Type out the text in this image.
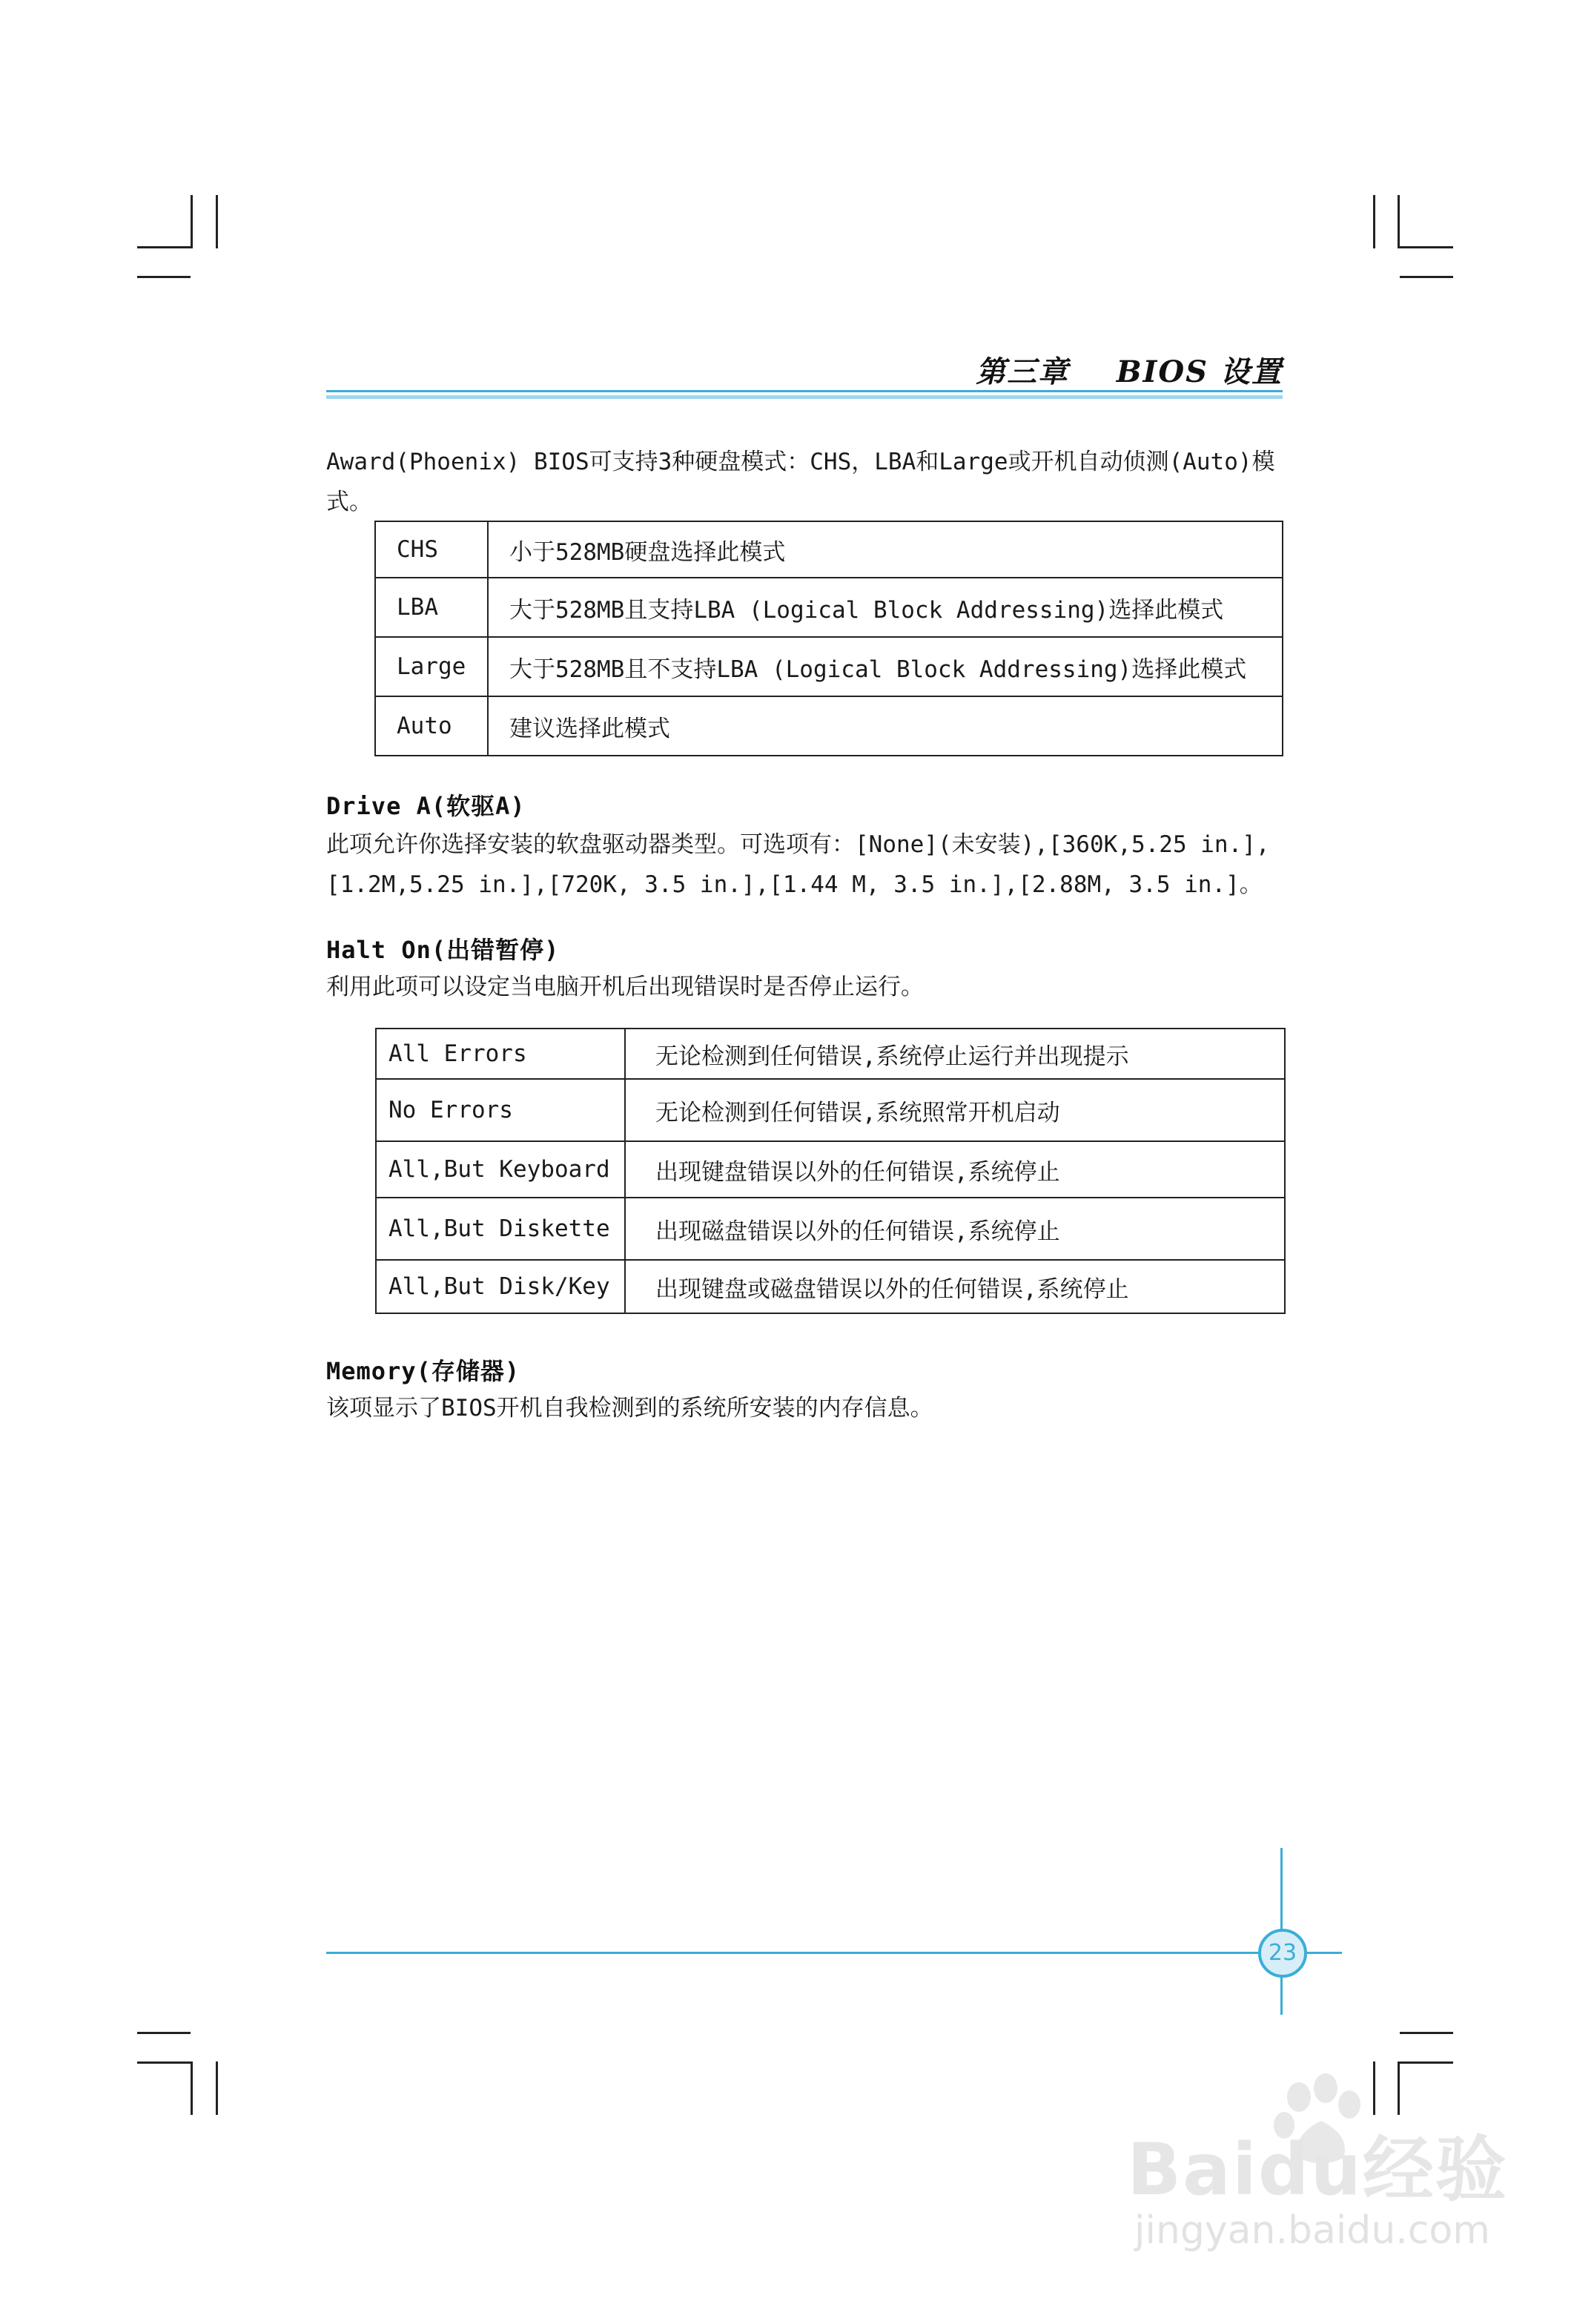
第三章    BIOS 设置
Award(Phoenix) BIOS可支持3种硬盘模式：CHS，LBA和Large或开机自动侦测(Auto)模式。
CHS	小于528MB硬盘选择此模式
LBA	大于528MB且支持LBA (Logical Block Addressing)选择此模式
Large	大于528MB且不支持LBA (Logical Block Addressing)选择此模式
Auto	建议选择此模式
Drive A(软驱A)
此项允许你选择安装的软盘驱动器类型。可选项有：[None](未安装),[360K,5.25 in.],
[1.2M,5.25 in.],[720K, 3.5 in.],[1.44 M, 3.5 in.],[2.88M, 3.5 in.]。
Halt On(出错暂停)
利用此项可以设定当电脑开机后出现错误时是否停止运行。
All Errors	无论检测到任何错误,系统停止运行并出现提示
No Errors	无论检测到任何错误,系统照常开机启动
All,But Keyboard	出现键盘错误以外的任何错误,系统停止
All,But Diskette	出现磁盘错误以外的任何错误,系统停止
All,But Disk/Key	出现键盘或磁盘错误以外的任何错误,系统停止
Memory(存储器)
该项显示了BIOS开机自我检测到的系统所安装的内存信息。
23
Baidu经验
jingyan.baidu.com
